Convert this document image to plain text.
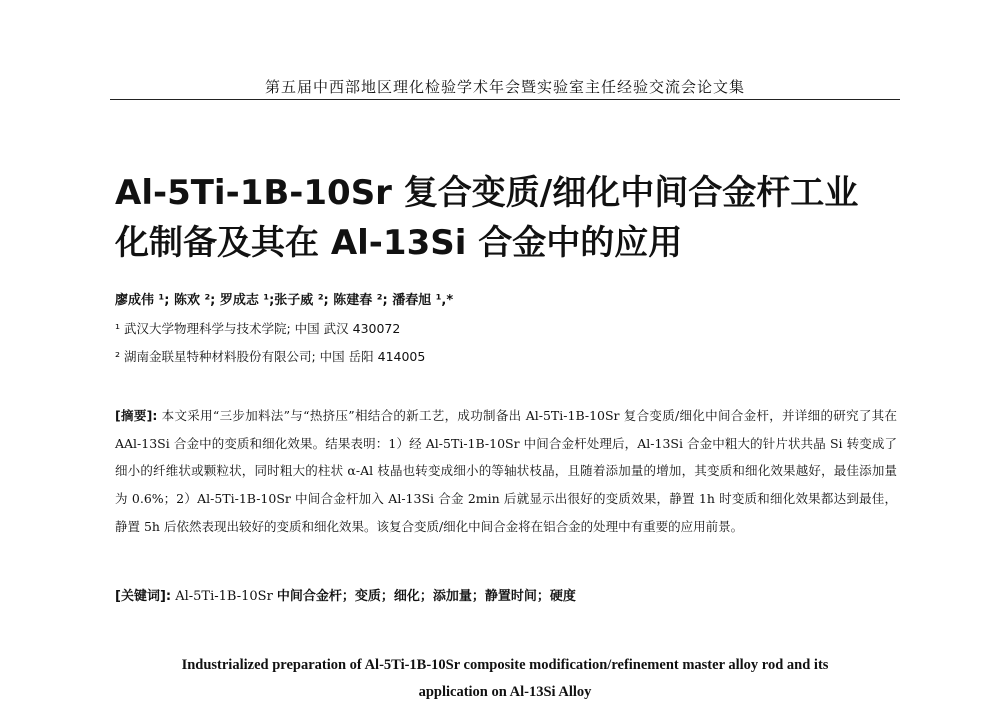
第五届中西部地区理化检验学术年会暨实验室主任经验交流会论文集
Al-5Ti-1B-10Sr 复合变质/细化中间合金杆工业
化制备及其在 Al-13Si 合金中的应用
廖成伟 ¹; 陈欢 ²; 罗成志 ¹;张子威 ²; 陈建春 ²; 潘春旭 ¹,*
¹ 武汉大学物理科学与技术学院; 中国 武汉 430072
² 湖南金联星特种材料股份有限公司; 中国 岳阳 414005
[摘要]: 本文采用“三步加料法”与“热挤压”相结合的新工艺，成功制备出 Al-5Ti-1B-10Sr 复合变质/细化中间合金杆，并详细的研究了其在 AAl-13Si 合金中的变质和细化效果。结果表明：1）经 Al-5Ti-1B-10Sr 中间合金杆处理后，Al-13Si 合金中粗大的针片状共晶 Si 转变成了细小的纤维状或颗粒状，同时粗大的柱状 α-Al 枝晶也转变成细小的等轴状枝晶，且随着添加量的增加，其变质和细化效果越好，最佳添加量为 0.6%；2）Al-5Ti-1B-10Sr 中间合金杆加入 Al-13Si 合金 2min 后就显示出很好的变质效果，静置 1h 时变质和细化效果都达到最佳，静置 5h 后依然表现出较好的变质和细化效果。该复合变质/细化中间合金将在铝合金的处理中有重要的应用前景。
[关键词]: Al-5Ti-1B-10Sr 中间合金杆；变质；细化；添加量；静置时间；硬度
Industrialized preparation of Al-5Ti-1B-10Sr composite modification/refinement master alloy rod and its
application on Al-13Si Alloy
